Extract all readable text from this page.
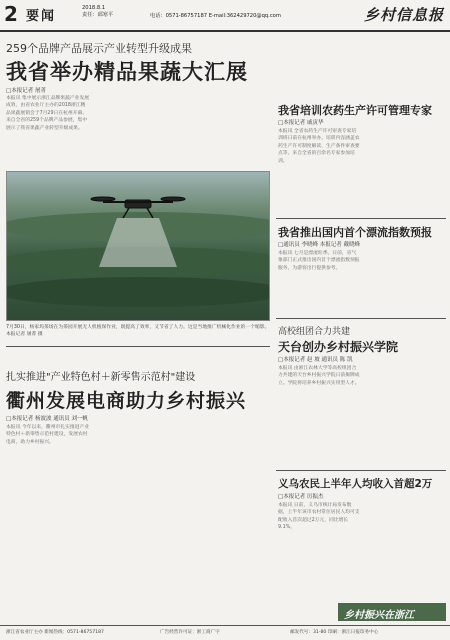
2 要闻
2018.8.1
责任：邱寒平	电话：0571-86757187 E-mail:362429720@qq.com	乡村信息报
259个品牌产品展示产业转型升级成果
我省举办精品果蔬大汇展
□本报记者 屠菁
本报讯 集中展示浙江品牌果蔬产业发展成效，由省农业厅主办的2018浙江精品果蔬展销会于7月29日在杭州开幕。来自全省的259个品牌产品参展，集中展示了我省果蔬产业转型升级成果。
7月30日，杨家坞茶场在为茶园开展无人机植保作业，既提高了效率，又节省了人力。这是当地推广机械化作业的一个缩影。 本报记者 屠菁 摄
我省培训农药生产许可管理专家
□本报记者 戚寅华
本报讯 全省农药生产许可审查专家培训班日前在杭州举办。培训内容涵盖农药生产许可制度解读、生产条件审查要点等，来自全省的百余名专家参加培训。
我省推出国内首个漂流指数预报
□通讯员 李晓峰 本报记者 戴晓峰
本报讯 七月是漂流旺季。日前，省气象部门正式推出国内首个漂流指数预报服务，为游客出行提供参考。
高校组团合力共建
天台创办乡村振兴学院
□本报记者 赵 坡 通讯员 陈 凯
本报讯 由浙江农林大学等高校组团合力共建的天台乡村振兴学院日前揭牌成立。学院将培养乡村振兴实用型人才。
扎实推进"产业特色村＋新零售示范村"建设
衢州发展电商助力乡村振兴
□本报记者 杨波波 通讯员 刘一帆
本报讯 今年以来，衢州市扎实推进产业特色村＋新零售示范村建设，发展农村电商，助力乡村振兴。
义乌农民上半年人均收入首超2万
□本报记者 厉振杰
本报讯 日前，义乌市统计局发布数据，上半年该市农村常住居民人均可支配收入首次超过2万元，同比增长9.1%。
乡村振兴在浙江
浙江省农业厅主办 新闻热线：0571-86757187	广告经营许可证：浙工商广字	邮发代号：31-80 印刷：浙江日报印务中心
